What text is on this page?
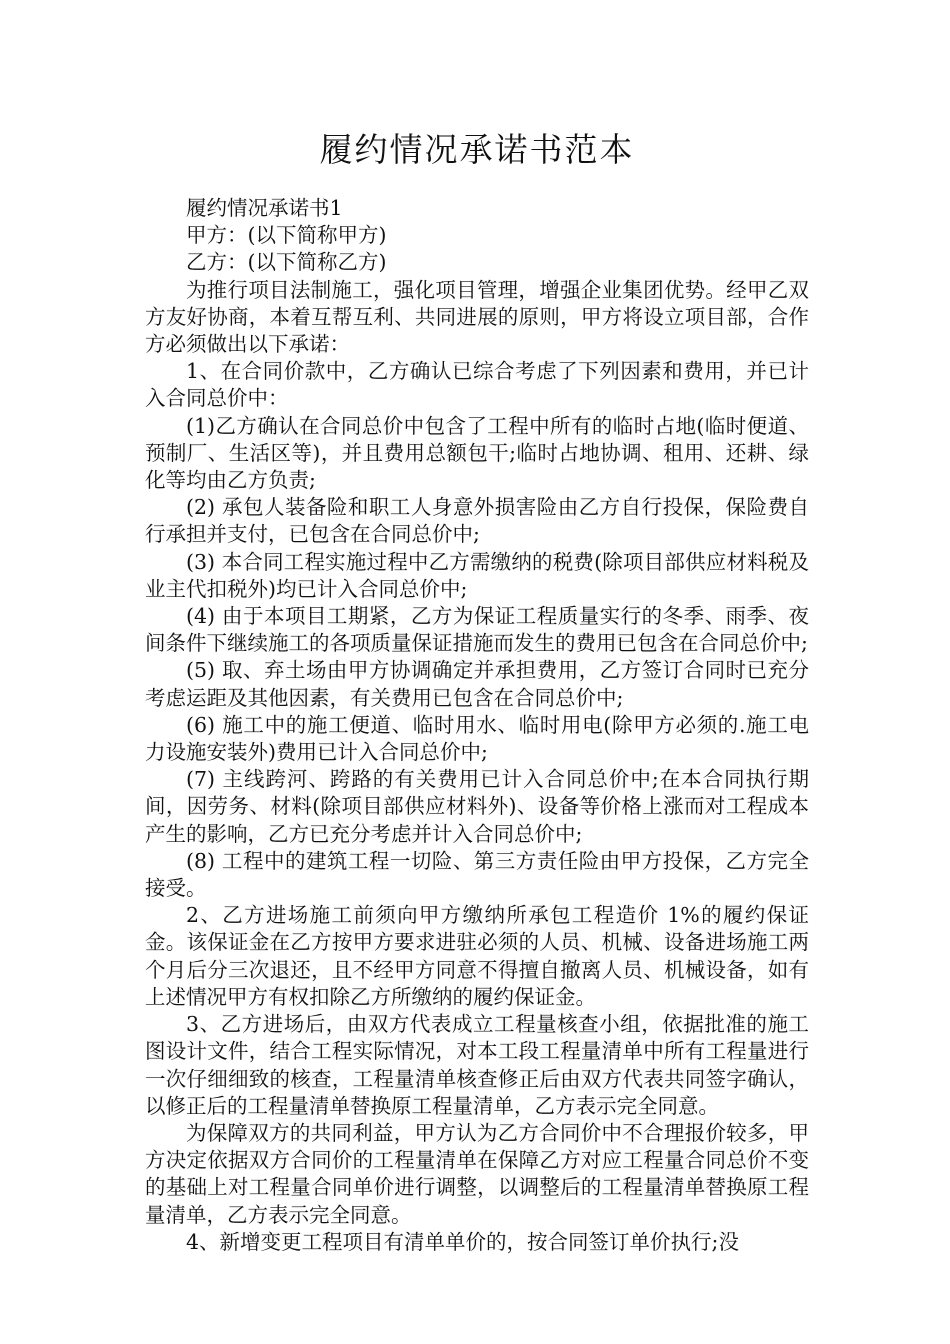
履约情况承诺书范本

履约情况承诺书1

甲方：(以下简称甲方)

乙方：(以下简称乙方)

为推行项目法制施工，强化项目管理，增强企业集团优势。经甲乙双方友好协商，本着互帮互利、共同进展的原则，甲方将设立项目部，合作方必须做出以下承诺：

1、在合同价款中，乙方确认已综合考虑了下列因素和费用，并已计入合同总价中：

(1)乙方确认在合同总价中包含了工程中所有的临时占地(临时便道、预制厂、生活区等)，并且费用总额包干;临时占地协调、租用、还耕、绿化等均由乙方负责;

(2) 承包人装备险和职工人身意外损害险由乙方自行投保，保险费自行承担并支付，已包含在合同总价中;

(3) 本合同工程实施过程中乙方需缴纳的税费(除项目部供应材料税及业主代扣税外)均已计入合同总价中;

(4) 由于本项目工期紧，乙方为保证工程质量实行的冬季、雨季、夜间条件下继续施工的各项质量保证措施而发生的费用已包含在合同总价中;

(5) 取、弃土场由甲方协调确定并承担费用，乙方签订合同时已充分考虑运距及其他因素，有关费用已包含在合同总价中;

(6) 施工中的施工便道、临时用水、临时用电(除甲方必须的.施工电力设施安装外)费用已计入合同总价中;

(7) 主线跨河、跨路的有关费用已计入合同总价中;在本合同执行期间，因劳务、材料(除项目部供应材料外)、设备等价格上涨而对工程成本产生的影响，乙方已充分考虑并计入合同总价中;

(8) 工程中的建筑工程一切险、第三方责任险由甲方投保，乙方完全接受。

2、乙方进场施工前须向甲方缴纳所承包工程造价 1%的履约保证金。该保证金在乙方按甲方要求进驻必须的人员、机械、设备进场施工两个月后分三次退还，且不经甲方同意不得擅自撤离人员、机械设备，如有上述情况甲方有权扣除乙方所缴纳的履约保证金。

3、乙方进场后，由双方代表成立工程量核查小组，依据批准的施工图设计文件，结合工程实际情况，对本工段工程量清单中所有工程量进行一次仔细细致的核查，工程量清单核查修正后由双方代表共同签字确认，以修正后的工程量清单替换原工程量清单，乙方表示完全同意。

为保障双方的共同利益，甲方认为乙方合同价中不合理报价较多，甲方决定依据双方合同价的工程量清单在保障乙方对应工程量合同总价不变的基础上对工程量合同单价进行调整，以调整后的工程量清单替换原工程量清单，乙方表示完全同意。

4、新增变更工程项目有清单单价的，按合同签订单价执行;没
